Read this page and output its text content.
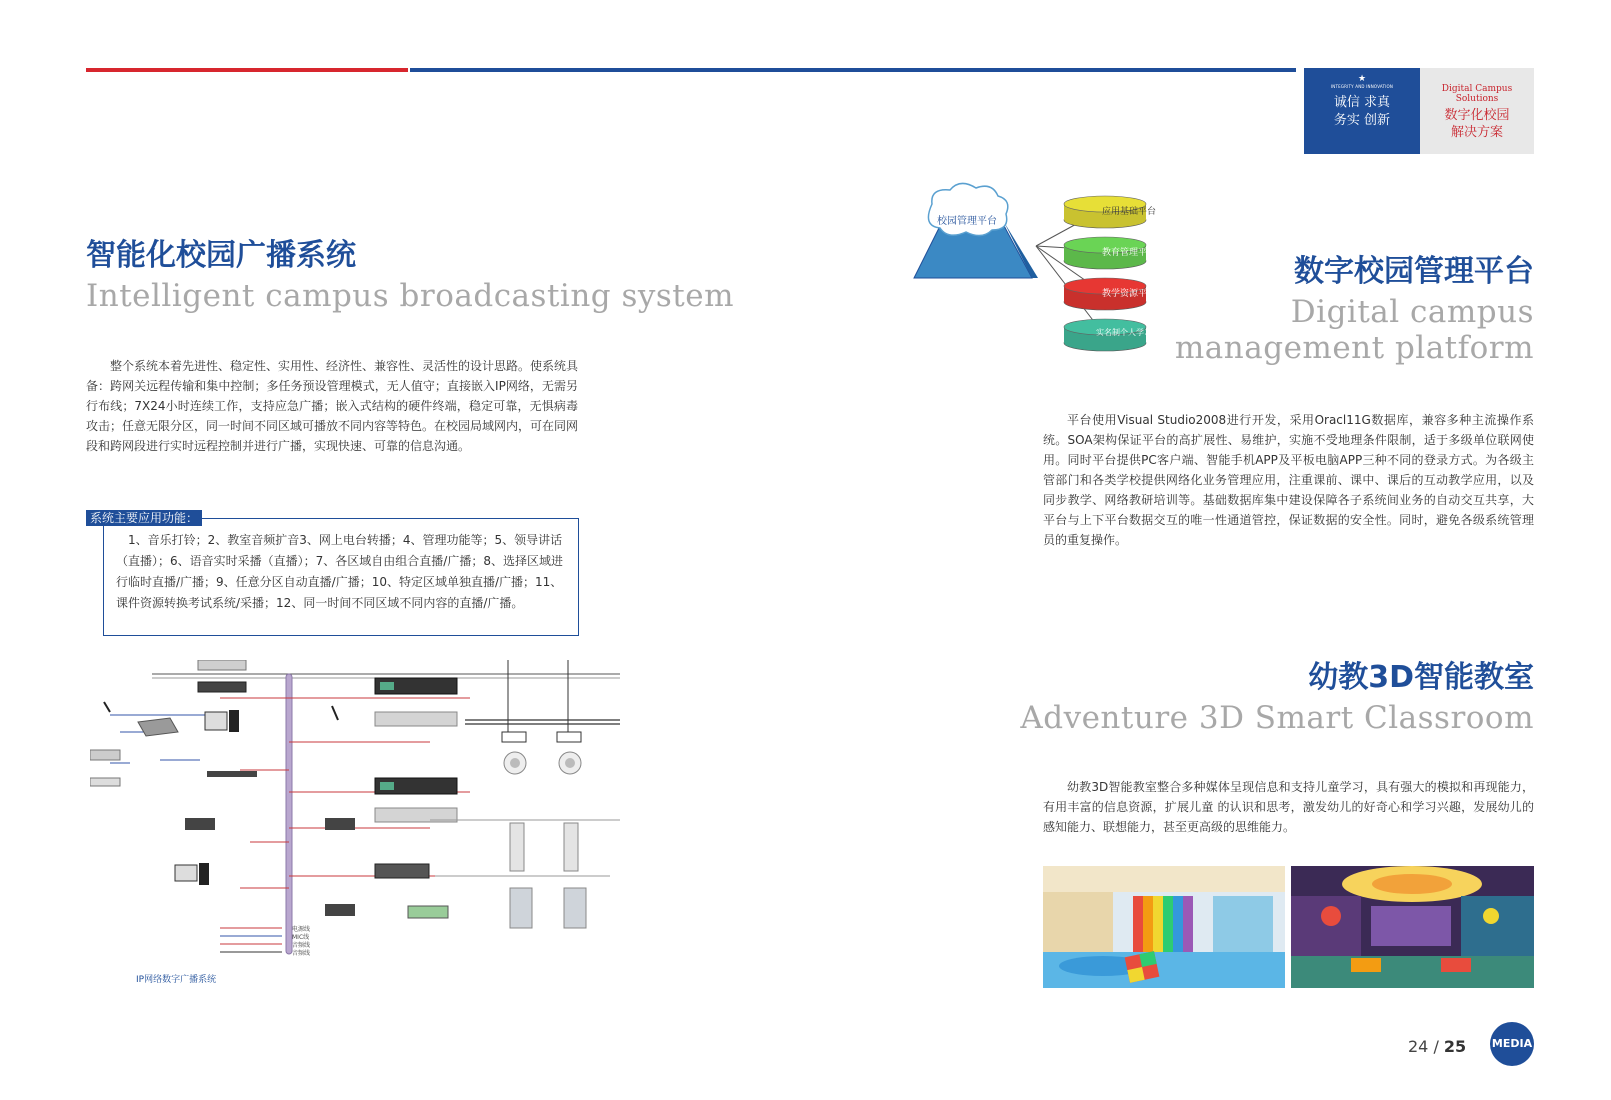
★
INTEGRITY AND INNOVATION
诚信 求真
务实 创新
Digital Campus
Solutions
数字化校园
解决方案
智能化校园广播系统
Intelligent campus broadcasting system
整个系统本着先进性、稳定性、实用性、经济性、兼容性、灵活性的设计思路。使系统具备：跨网关远程传输和集中控制；多任务预设管理模式，无人值守；直接嵌入IP网络，无需另行布线；7X24小时连续工作，支持应急广播；嵌入式结构的硬件终端，稳定可靠，无惧病毒攻击；任意无限分区，同一时间不同区域可播放不同内容等特色。在校园局域网内，可在同网段和跨网段进行实时远程控制并进行广播，实现快速、可靠的信息沟通。
系统主要应用功能：
1、音乐打铃；2、教室音频扩音3、网上电台转播；4、管理功能等；5、领导讲话（直播）；6、语音实时采播（直播）；7、各区域自由组合直播/广播；8、选择区域进行临时直播/广播；9、任意分区自动直播/广播；10、特定区域单独直播/广播；11、课件资源转换考试系统/采播；12、同一时间不同区域不同内容的直播/广播。
电源线
MIC线
音频线
音频线
IP网络数字广播系统
校园管理平台
应用基础平台
教育管理平台
教学资源平台
实名制个人学习空间
数字校园管理平台
Digital campus
management platform
平台使用Visual Studio2008进行开发，采用Oracl11G数据库，兼容多种主流操作系统。SOA架构保证平台的高扩展性、易维护，实施不受地理条件限制，适于多级单位联网使用。同时平台提供PC客户端、智能手机APP及平板电脑APP三种不同的登录方式。为各级主管部门和各类学校提供网络化业务管理应用，注重课前、课中、课后的互动教学应用，以及同步教学、网络教研培训等。基础数据库集中建设保障各子系统间业务的自动交互共享，大平台与上下平台数据交互的唯一性通道管控，保证数据的安全性。同时，避免各级系统管理员的重复操作。
幼教3D智能教室
Adventure 3D Smart Classroom
幼教3D智能教室整合多种媒体呈现信息和支持儿童学习，具有强大的模拟和再现能力，有用丰富的信息资源，扩展儿童 的认识和思考，激发幼儿的好奇心和学习兴趣，发展幼儿的感知能力、联想能力，甚至更高级的思维能力。
24 / 25 MEDIA
